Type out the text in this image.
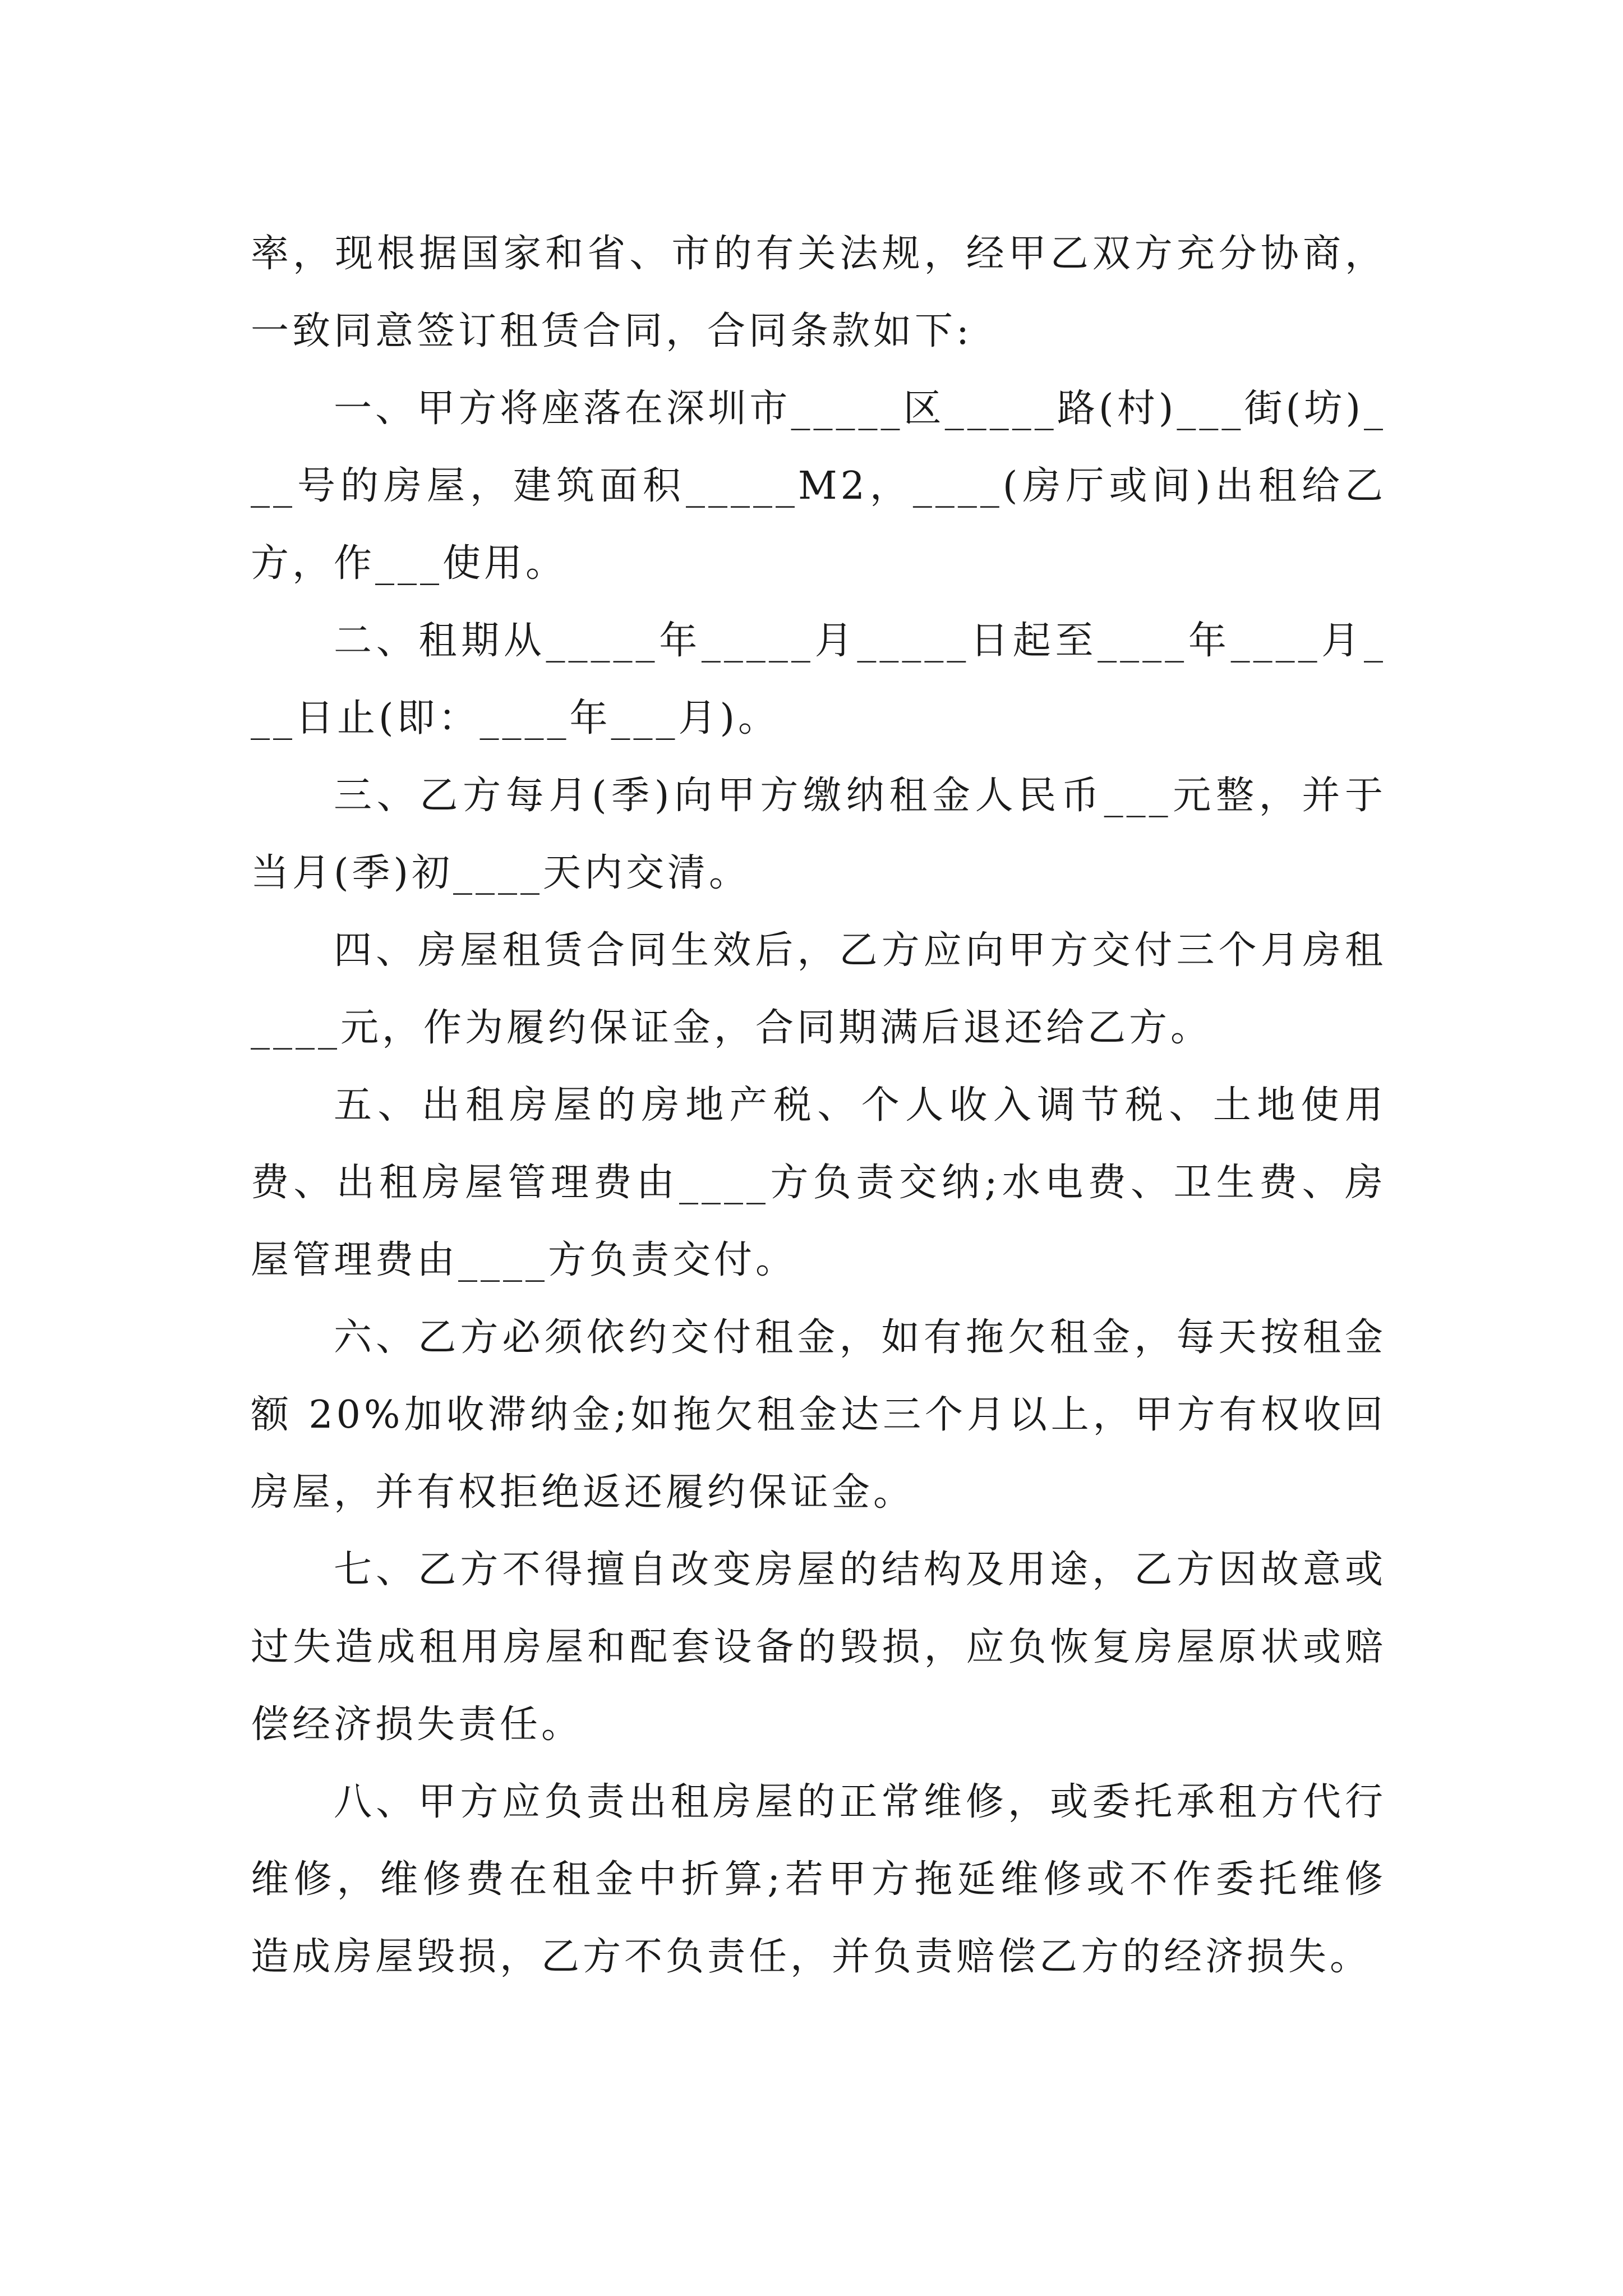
率，现根据国家和省、市的有关法规，经甲乙双方充分协商，一致同意签订租赁合同，合同条款如下:

一、甲方将座落在深圳市_____区_____路(村)___街(坊)___号的房屋，建筑面积_____M2，____(房厅或间)出租给乙方，作___使用。

二、租期从_____年_____月_____日起至____年____月___日止(即：____年___月)。

三、乙方每月(季)向甲方缴纳租金人民币___元整，并于当月(季)初____天内交清。

四、房屋租赁合同生效后，乙方应向甲方交付三个月房租____元，作为履约保证金，合同期满后退还给乙方。

五、出租房屋的房地产税、个人收入调节税、土地使用费、出租房屋管理费由____方负责交纳;水电费、卫生费、房屋管理费由____方负责交付。

六、乙方必须依约交付租金，如有拖欠租金，每天按租金额 20%加收滞纳金;如拖欠租金达三个月以上，甲方有权收回房屋，并有权拒绝返还履约保证金。

七、乙方不得擅自改变房屋的结构及用途，乙方因故意或过失造成租用房屋和配套设备的毁损，应负恢复房屋原状或赔偿经济损失责任。

八、甲方应负责出租房屋的正常维修，或委托承租方代行维修，维修费在租金中折算;若甲方拖延维修或不作委托维修造成房屋毁损，乙方不负责任，并负责赔偿乙方的经济损失。
